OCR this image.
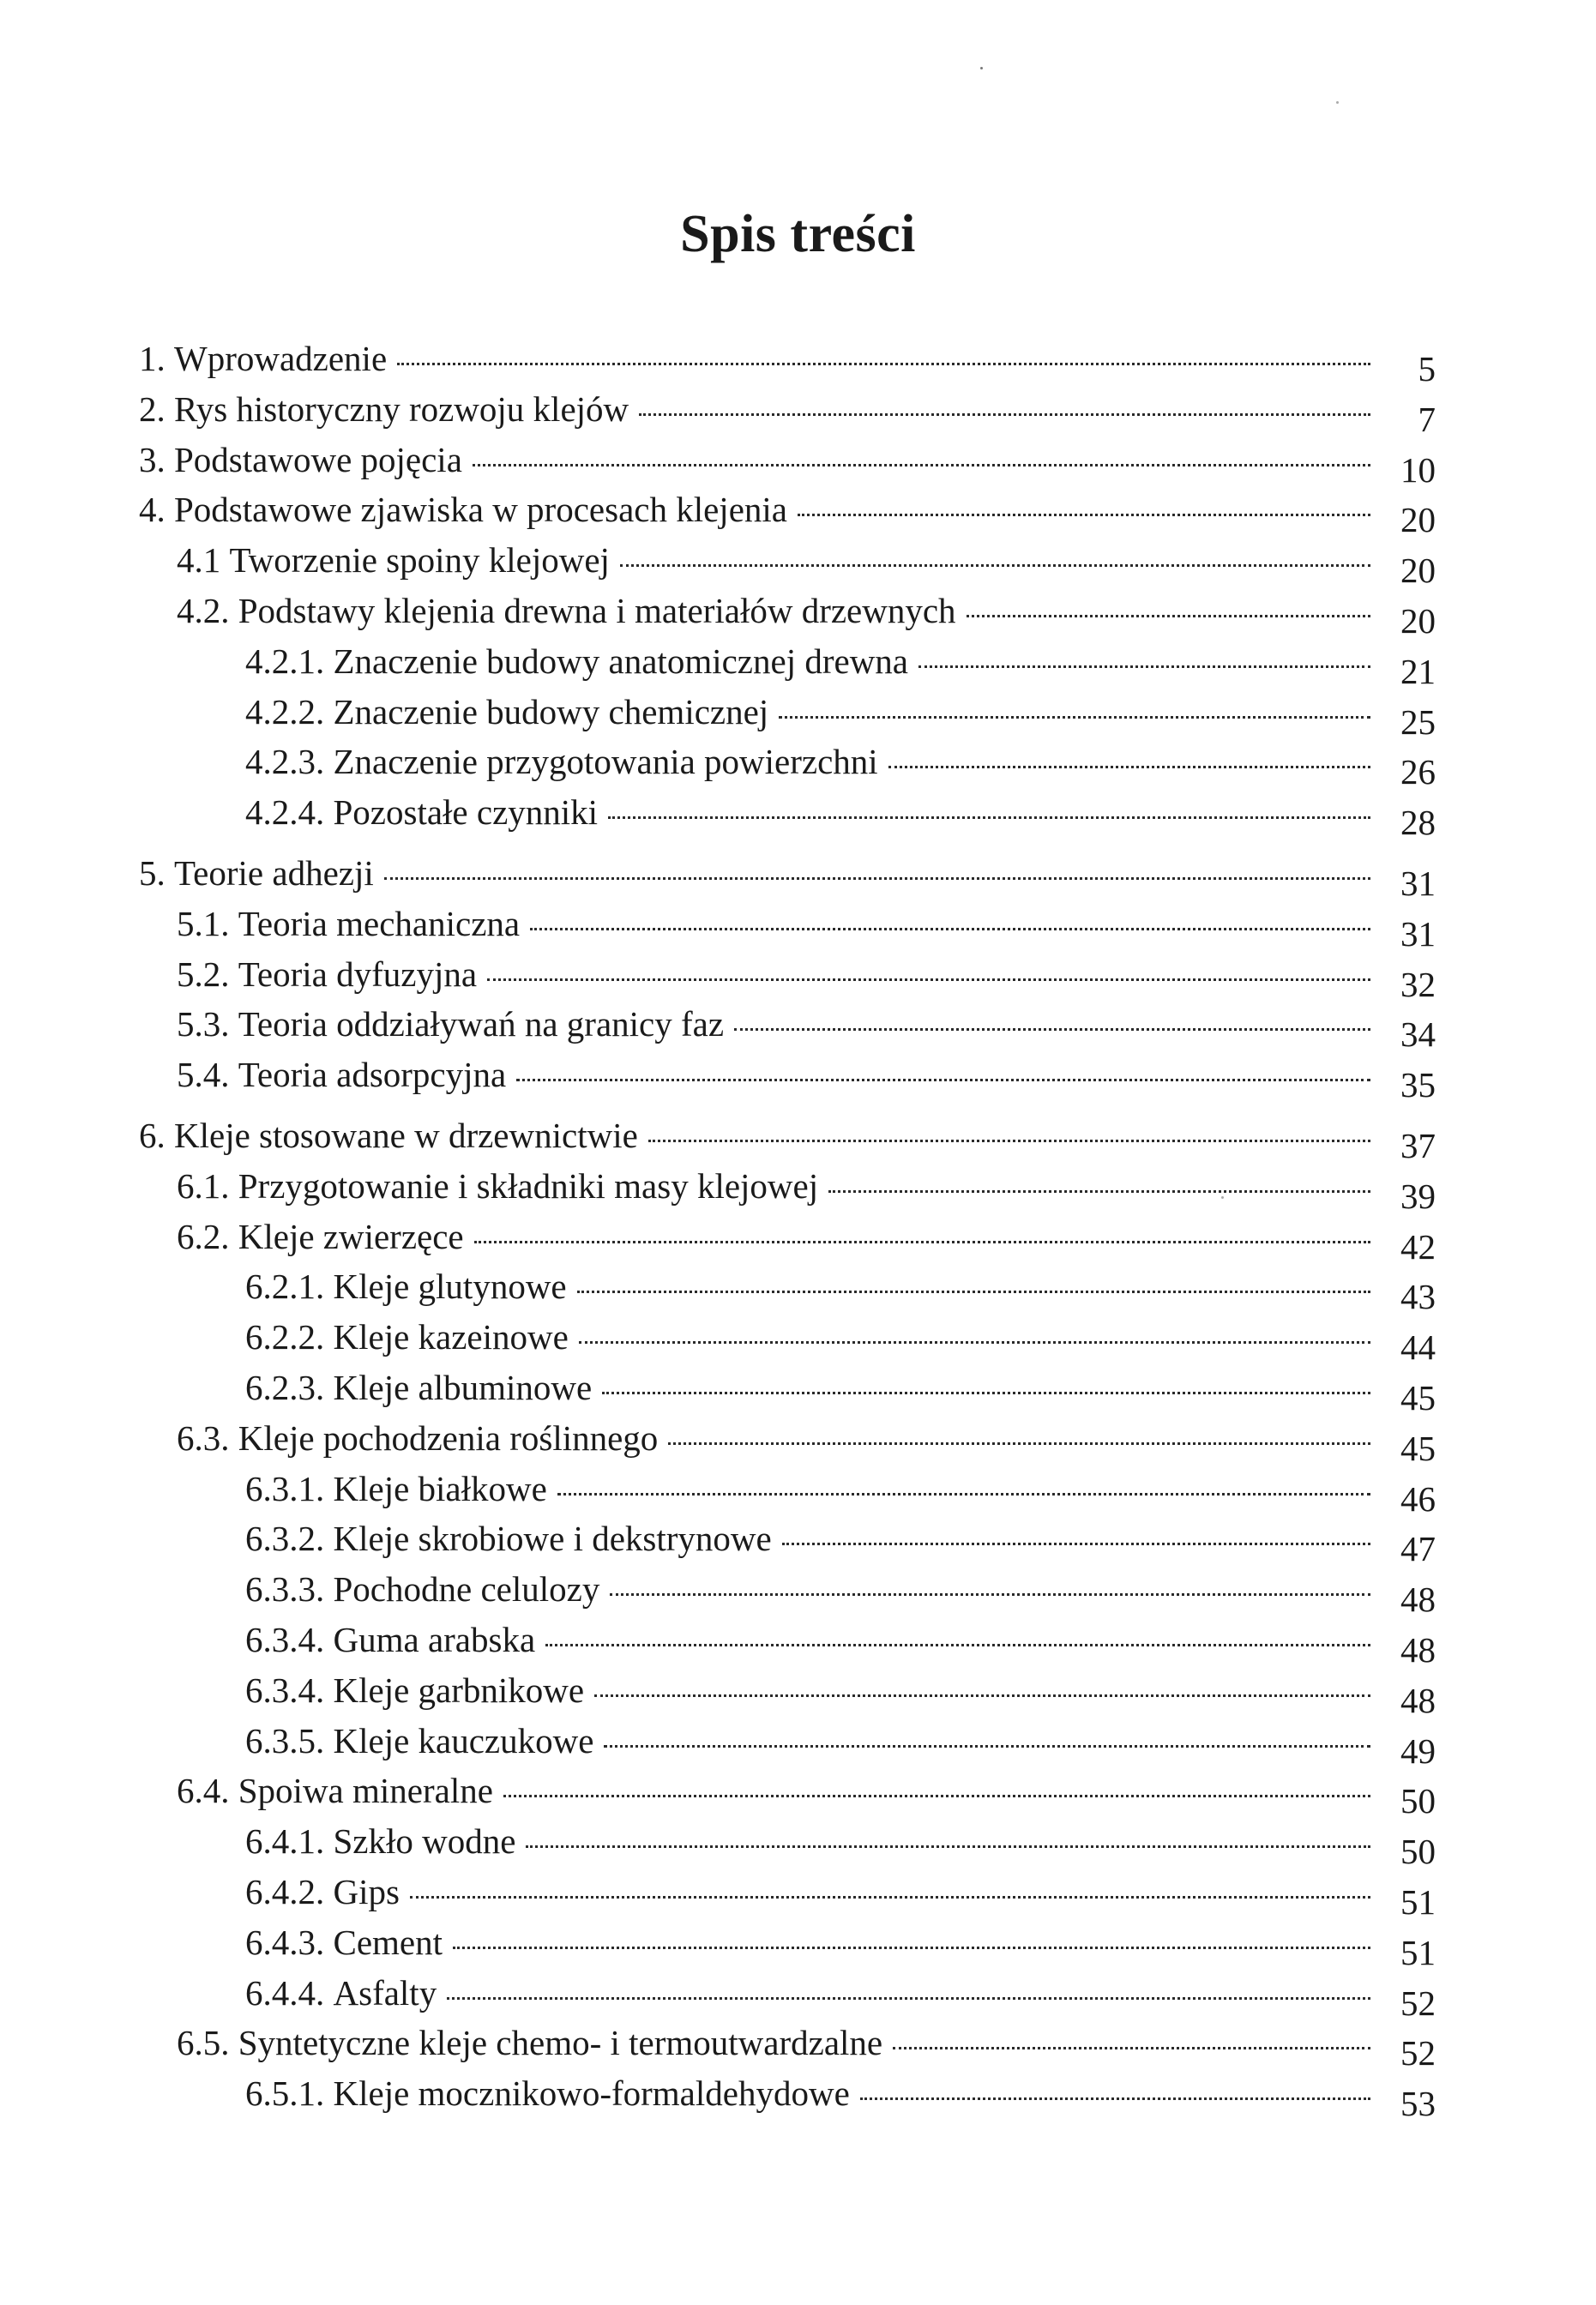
Spis treści
1. Wprowadzenie	5
2. Rys historyczny rozwoju klejów	7
3. Podstawowe pojęcia	10
4. Podstawowe zjawiska w procesach klejenia	20
4.1 Tworzenie spoiny klejowej	20
4.2. Podstawy klejenia drewna i materiałów drzewnych	20
4.2.1. Znaczenie budowy anatomicznej drewna	21
4.2.2. Znaczenie budowy chemicznej	25
4.2.3. Znaczenie przygotowania powierzchni	26
4.2.4. Pozostałe czynniki	28
5. Teorie adhezji	31
5.1. Teoria mechaniczna	31
5.2. Teoria dyfuzyjna	32
5.3. Teoria oddziaływań na granicy faz	34
5.4. Teoria adsorpcyjna	35
6. Kleje stosowane w drzewnictwie	37
6.1. Przygotowanie i składniki masy klejowej	39
6.2. Kleje zwierzęce	42
6.2.1. Kleje glutynowe	43
6.2.2. Kleje kazeinowe	44
6.2.3. Kleje albuminowe	45
6.3. Kleje pochodzenia roślinnego	45
6.3.1. Kleje białkowe	46
6.3.2. Kleje skrobiowe i dekstrynowe	47
6.3.3. Pochodne celulozy	48
6.3.4. Guma arabska	48
6.3.4. Kleje garbnikowe	48
6.3.5. Kleje kauczukowe	49
6.4. Spoiwa mineralne	50
6.4.1. Szkło wodne	50
6.4.2. Gips	51
6.4.3. Cement	51
6.4.4. Asfalty	52
6.5. Syntetyczne kleje chemo- i termoutwardzalne	52
6.5.1. Kleje mocznikowo-formaldehydowe	53
